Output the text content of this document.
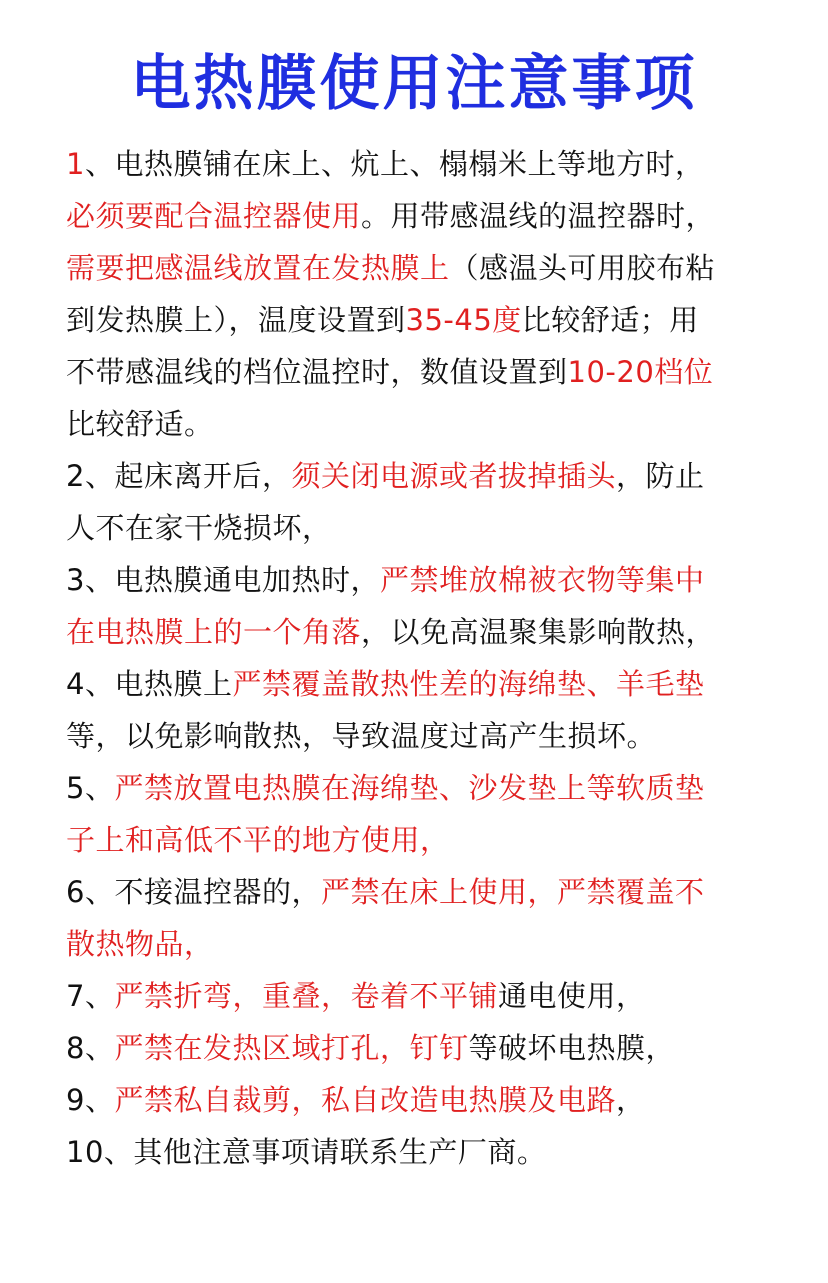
电热膜使用注意事项
1、电热膜铺在床上、炕上、榻榻米上等地方时，
必须要配合温控器使用。用带感温线的温控器时，
需要把感温线放置在发热膜上（感温头可用胶布粘
到发热膜上），温度设置到35-45度比较舒适；用
不带感温线的档位温控时，数值设置到10-20档位
比较舒适。
2、起床离开后，须关闭电源或者拔掉插头，防止
人不在家干烧损坏，
3、电热膜通电加热时，严禁堆放棉被衣物等集中
在电热膜上的一个角落，以免高温聚集影响散热，
4、电热膜上严禁覆盖散热性差的海绵垫、羊毛垫
等，以免影响散热，导致温度过高产生损坏。
5、严禁放置电热膜在海绵垫、沙发垫上等软质垫
子上和高低不平的地方使用，
6、不接温控器的，严禁在床上使用，严禁覆盖不
散热物品，
7、严禁折弯，重叠，卷着不平铺通电使用，
8、严禁在发热区域打孔，钉钉等破坏电热膜，
9、严禁私自裁剪，私自改造电热膜及电路，
10、其他注意事项请联系生产厂商。
